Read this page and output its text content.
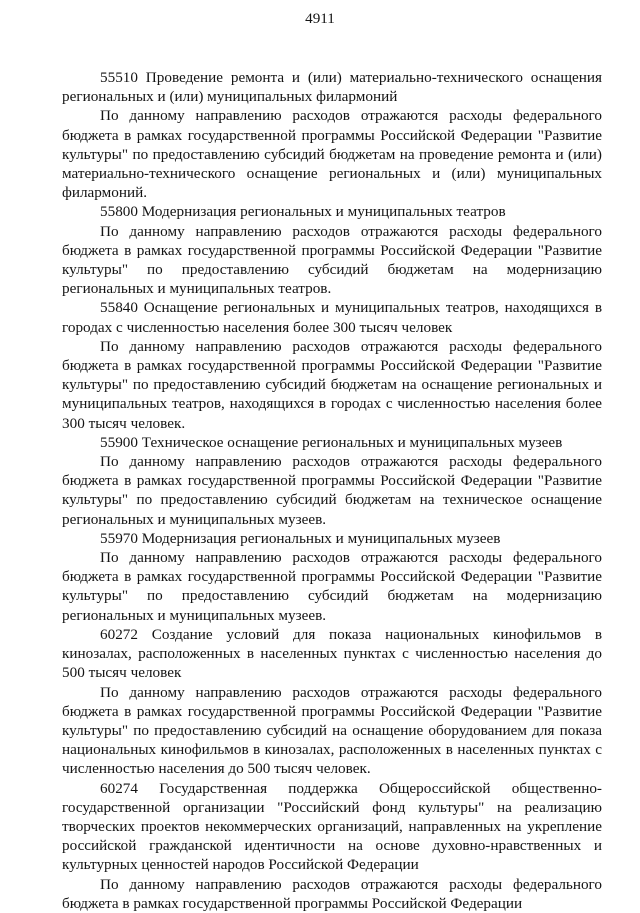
4911

55510 Проведение ремонта и (или) материально-технического оснащения региональных и (или) муниципальных филармоний

По данному направлению расходов отражаются расходы федерального бюджета в рамках государственной программы Российской Федерации "Развитие культуры" по предоставлению субсидий бюджетам на проведение ремонта и (или) материально-технического оснащение региональных и (или) муниципальных филармоний.

55800 Модернизация региональных и муниципальных театров

По данному направлению расходов отражаются расходы федерального бюджета в рамках государственной программы Российской Федерации "Развитие культуры" по предоставлению субсидий бюджетам на модернизацию региональных и муниципальных театров.

55840 Оснащение региональных и муниципальных театров, находящихся в городах с численностью населения более 300 тысяч человек

По данному направлению расходов отражаются расходы федерального бюджета в рамках государственной программы Российской Федерации "Развитие культуры" по предоставлению субсидий бюджетам на оснащение региональных и муниципальных театров, находящихся в городах с численностью населения более 300 тысяч человек.

55900 Техническое оснащение региональных и муниципальных музеев

По данному направлению расходов отражаются расходы федерального бюджета в рамках государственной программы Российской Федерации "Развитие культуры" по предоставлению субсидий бюджетам на техническое оснащение региональных и муниципальных музеев.

55970 Модернизация региональных и муниципальных музеев

По данному направлению расходов отражаются расходы федерального бюджета в рамках государственной программы Российской Федерации "Развитие культуры" по предоставлению субсидий бюджетам на модернизацию региональных и муниципальных музеев.

60272 Создание условий для показа национальных кинофильмов в кинозалах, расположенных в населенных пунктах с численностью населения до 500 тысяч человек

По данному направлению расходов отражаются расходы федерального бюджета в рамках государственной программы Российской Федерации "Развитие культуры" по предоставлению субсидий на оснащение оборудованием для показа национальных кинофильмов в кинозалах, расположенных в населенных пунктах с численностью населения до 500 тысяч человек.

60274 Государственная поддержка Общероссийской общественно-государственной организации "Российский фонд культуры" на реализацию творческих проектов некоммерческих организаций, направленных на укрепление российской гражданской идентичности на основе духовно-нравственных и культурных ценностей народов Российской Федерации

По данному направлению расходов отражаются расходы федерального бюджета в рамках государственной программы Российской Федерации
